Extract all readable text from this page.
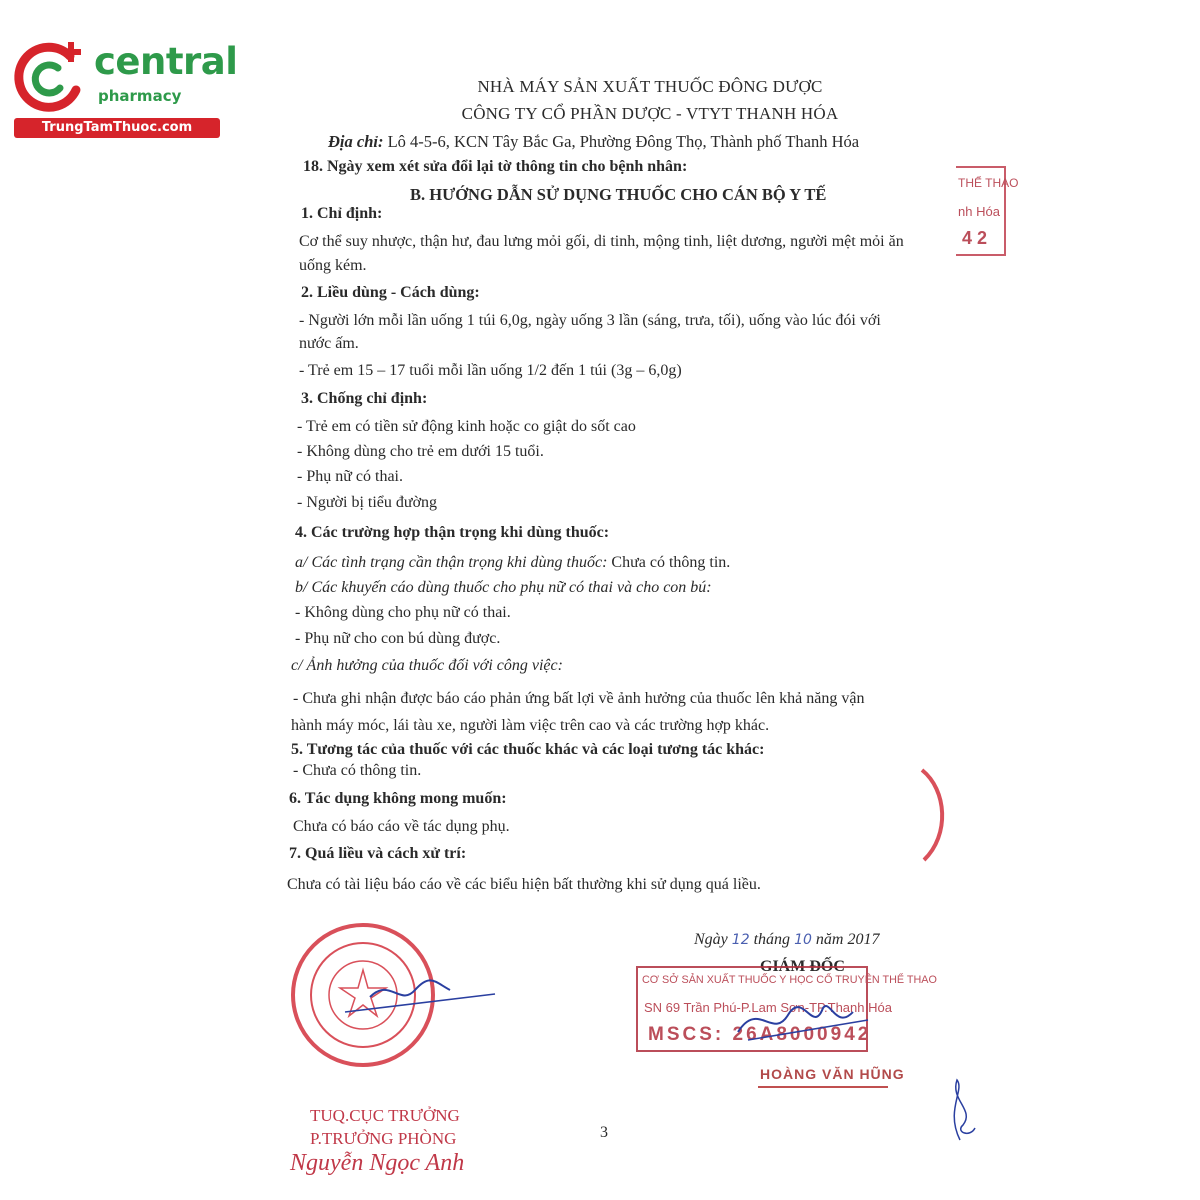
central
pharmacy
TrungTamThuoc.com
NHÀ MÁY SẢN XUẤT THUỐC ĐÔNG DƯỢC
CÔNG TY CỔ PHẦN DƯỢC - VTYT THANH HÓA
Địa chỉ: Lô 4-5-6, KCN Tây Bắc Ga, Phường Đông Thọ, Thành phố Thanh Hóa
18. Ngày xem xét sửa đổi lại tờ thông tin cho bệnh nhân:
B. HƯỚNG DẪN SỬ DỤNG THUỐC CHO CÁN BỘ Y TẾ
1. Chỉ định:
Cơ thể suy nhược, thận hư, đau lưng mỏi gối, di tinh, mộng tinh, liệt dương, người mệt mỏi ăn
uống kém.
2. Liều dùng - Cách dùng:
- Người lớn mỗi lần uống 1 túi 6,0g, ngày uống 3 lần (sáng, trưa, tối), uống vào lúc đói với
nước ấm.
- Trẻ em 15 – 17 tuổi mỗi lần uống 1/2 đến 1 túi (3g – 6,0g)
3. Chống chỉ định:
- Trẻ em có tiền sử động kinh hoặc co giật do sốt cao
- Không dùng cho trẻ em dưới 15 tuổi.
- Phụ nữ có thai.
- Người bị tiểu đường
4. Các trường hợp thận trọng khi dùng thuốc:
a/ Các tình trạng cần thận trọng khi dùng thuốc: Chưa có thông tin.
b/ Các khuyến cáo dùng thuốc cho phụ nữ có thai và cho con bú:
- Không dùng cho phụ nữ có thai.
- Phụ nữ cho con bú dùng được.
c/ Ảnh hưởng của thuốc đối với công việc:
- Chưa ghi nhận được báo cáo phản ứng bất lợi về ảnh hưởng của thuốc lên khả năng vận
hành máy móc, lái tàu xe, người làm việc trên cao và các trường hợp khác.
5. Tương tác của thuốc với các thuốc khác và các loại tương tác khác:
- Chưa có thông tin.
6. Tác dụng không mong muốn:
Chưa có báo cáo về tác dụng phụ.
7. Quá liều và cách xử trí:
Chưa có tài liệu báo cáo về các biểu hiện bất thường khi sử dụng quá liều.
Ngày 12 tháng 10 năm 2017
GIÁM ĐỐC
CƠ SỞ SẢN XUẤT THUỐC Y HỌC CỔ TRUYỀN THỂ THAO
SN 69 Trần Phú-P.Lam Sơn-TP.Thanh Hóa
MSCS: 26A8000942
HOÀNG VĂN HŨNG
TUQ.CỤC TRƯỞNG
P.TRƯỞNG PHÒNG
Nguyễn Ngọc Anh
THỂ THAO
nh Hóa
4 2
3
